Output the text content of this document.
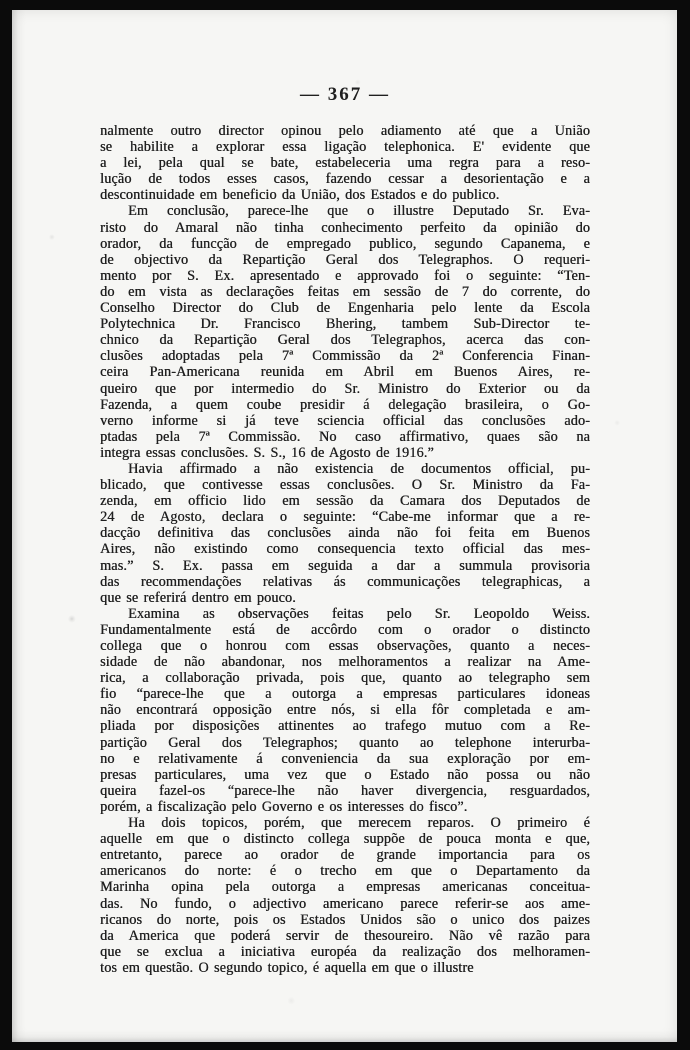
— 367 —
nalmente outro director opinou pelo adiamento até que a União
se habilite a explorar essa ligação telephonica. E' evidente que
a lei, pela qual se bate, estabeleceria uma regra para a reso-
lução de todos esses casos, fazendo cessar a desorientação e a
descontinuidade em beneficio da União, dos Estados e do publico.
Em conclusão, parece-lhe que o illustre Deputado Sr. Eva-
risto do Amaral não tinha conhecimento perfeito da opinião do
orador, da funcção de empregado publico, segundo Capanema, e
de objectivo da Repartição Geral dos Telegraphos. O requeri-
mento por S. Ex. apresentado e approvado foi o seguinte: “Ten-
do em vista as declarações feitas em sessão de 7 do corrente, do
Conselho Director do Club de Engenharia pelo lente da Escola
Polytechnica Dr. Francisco Bhering, tambem Sub-Director te-
chnico da Repartição Geral dos Telegraphos, acerca das con-
clusões adoptadas pela 7ª Commissão da 2ª Conferencia Finan-
ceira Pan-Americana reunida em Abril em Buenos Aires, re-
queiro que por intermedio do Sr. Ministro do Exterior ou da
Fazenda, a quem coube presidir á delegação brasileira, o Go-
verno informe si já teve sciencia official das conclusões ado-
ptadas pela 7ª Commissão. No caso affirmativo, quaes são na
integra essas conclusões. S. S., 16 de Agosto de 1916.”
Havia affirmado a não existencia de documentos official, pu-
blicado, que contivesse essas conclusões. O Sr. Ministro da Fa-
zenda, em officio lido em sessão da Camara dos Deputados de
24 de Agosto, declara o seguinte: “Cabe-me informar que a re-
dacção definitiva das conclusões ainda não foi feita em Buenos
Aires, não existindo como consequencia texto official das mes-
mas.” S. Ex. passa em seguida a dar a summula provisoria
das recommendações relativas ás communicações telegraphicas, a
que se referirá dentro em pouco.
Examina as observações feitas pelo Sr. Leopoldo Weiss.
Fundamentalmente está de accôrdo com o orador o distincto
collega que o honrou com essas observações, quanto a neces-
sidade de não abandonar, nos melhoramentos a realizar na Ame-
rica, a collaboração privada, pois que, quanto ao telegrapho sem
fio “parece-lhe que a outorga a empresas particulares idoneas
não encontrará opposição entre nós, si ella fôr completada e am-
pliada por disposições attinentes ao trafego mutuo com a Re-
partição Geral dos Telegraphos; quanto ao telephone interurba-
no e relativamente á conveniencia da sua exploração por em-
presas particulares, uma vez que o Estado não possa ou não
queira fazel-os “parece-lhe não haver divergencia, resguardados,
porém, a fiscalização pelo Governo e os interesses do fisco”.
Ha dois topicos, porém, que merecem reparos. O primeiro é
aquelle em que o distincto collega suppõe de pouca monta e que,
entretanto, parece ao orador de grande importancia para os
americanos do norte: é o trecho em que o Departamento da
Marinha opina pela outorga a empresas americanas conceitua-
das. No fundo, o adjectivo americano parece referir-se aos ame-
ricanos do norte, pois os Estados Unidos são o unico dos paizes
da America que poderá servir de thesoureiro. Não vê razão para
que se exclua a iniciativa européa da realização dos melhoramen-
tos em questão. O segundo topico, é aquella em que o illustre
